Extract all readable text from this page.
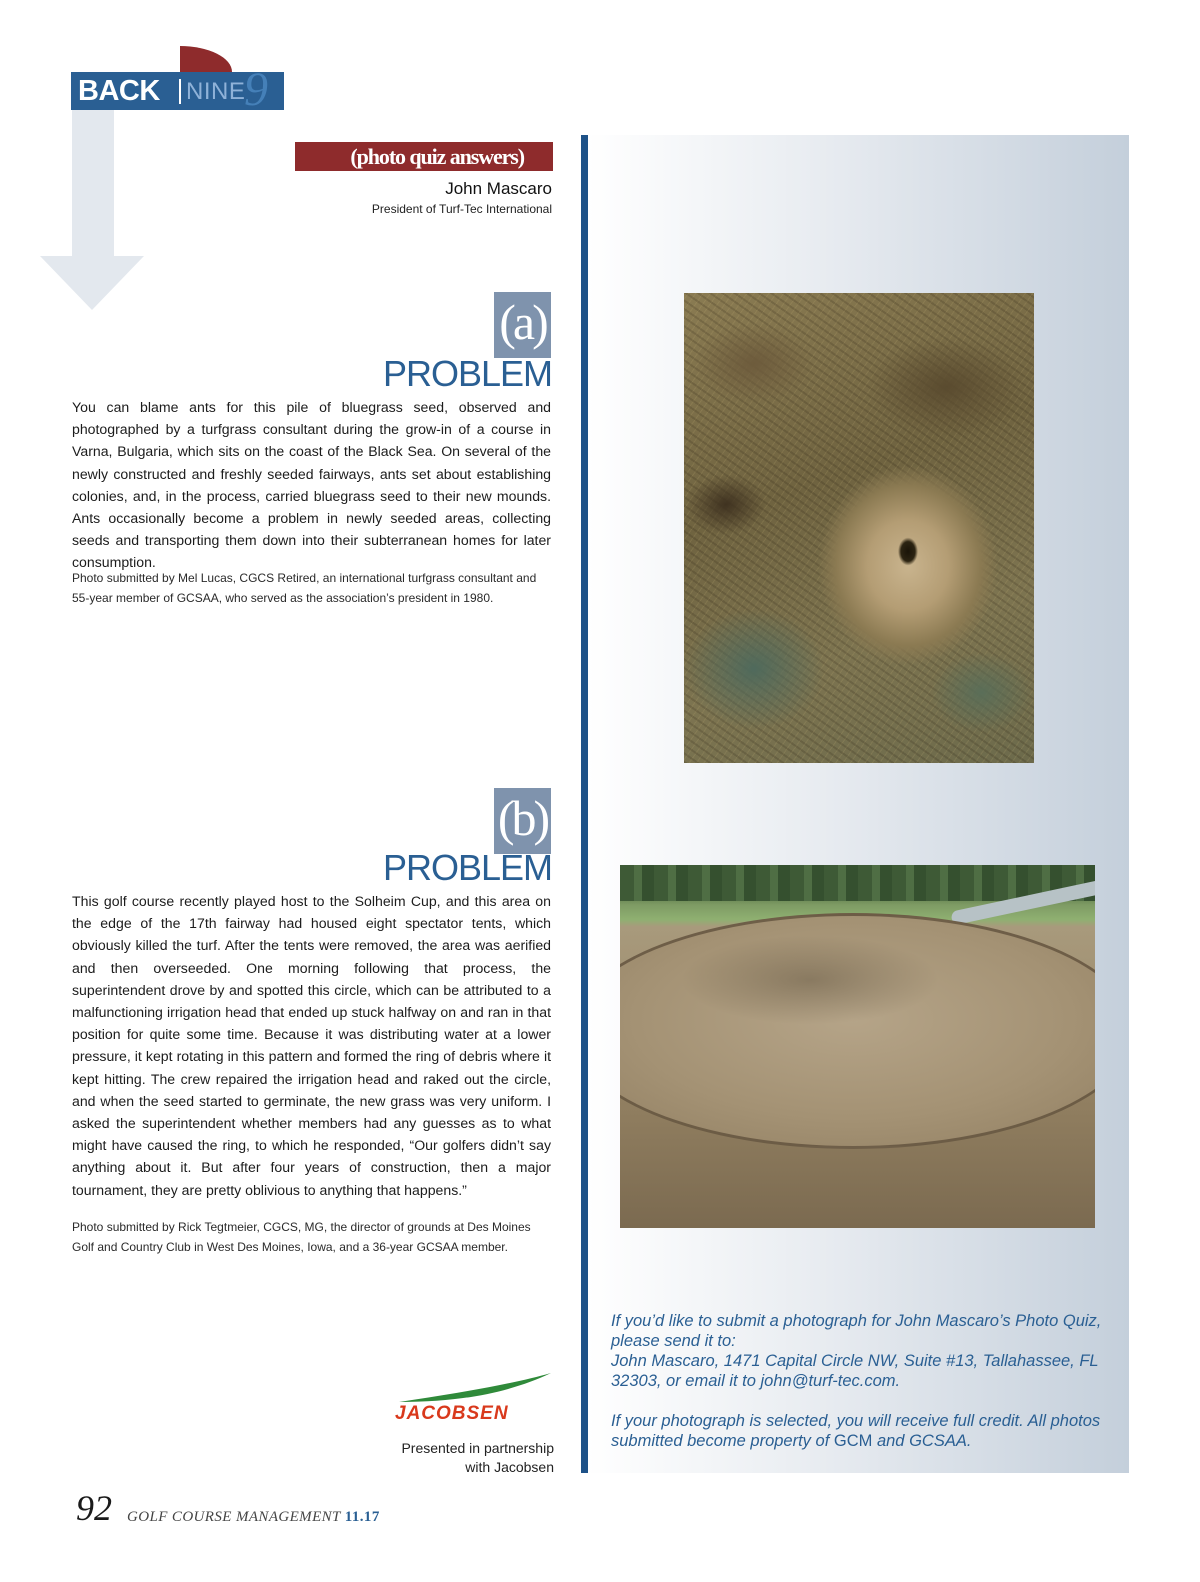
BACK NINE
9
(photo quiz answers)
John Mascaro
President of Turf-Tec International
(a)
PROBLEM

You can blame ants for this pile of bluegrass seed, observed and photographed by a turfgrass consultant during the grow-in of a course in Varna, Bulgaria, which sits on the coast of the Black Sea. On several of the newly constructed and freshly seeded fairways, ants set about establishing colonies, and, in the process, carried bluegrass seed to their new mounds. Ants occasionally become a problem in newly seeded areas, collecting seeds and transporting them down into their subterranean homes for later consumption.

Photo submitted by Mel Lucas, CGCS Retired, an international turfgrass consultant and 55-year member of GCSAA, who served as the association’s president in 1980.

(b)
PROBLEM

This golf course recently played host to the Solheim Cup, and this area on the edge of the 17th fairway had housed eight spectator tents, which obviously killed the turf. After the tents were removed, the area was aerified and then overseeded. One morning following that process, the superintendent drove by and spotted this circle, which can be attributed to a malfunctioning irrigation head that ended up stuck halfway on and ran in that position for quite some time. Because it was distributing water at a lower pressure, it kept rotating in this pattern and formed the ring of debris where it kept hitting. The crew repaired the irrigation head and raked out the circle, and when the seed started to germinate, the new grass was very uniform. I asked the superintendent whether members had any guesses as to what might have caused the ring, to which he responded, “Our golfers didn’t say anything about it. But after four years of construction, then a major tournament, they are pretty oblivious to anything that happens.”

Photo submitted by Rick Tegtmeier, CGCS, MG, the director of grounds at Des Moines Golf and Country Club in West Des Moines, Iowa, and a 36-year GCSAA member.

If you’d like to submit a photograph for John Mascaro’s Photo Quiz, please send it to:

John Mascaro, 1471 Capital Circle NW, Suite #13, Tallahassee, FL 32303, or email it to john@turf-tec.com.

If your photograph is selected, you will receive full credit. All photos submitted become property of GCM and GCSAA.

JACOBSEN
Presented in partnership
with Jacobsen
92 GOLF COURSE MANAGEMENT 11.17
